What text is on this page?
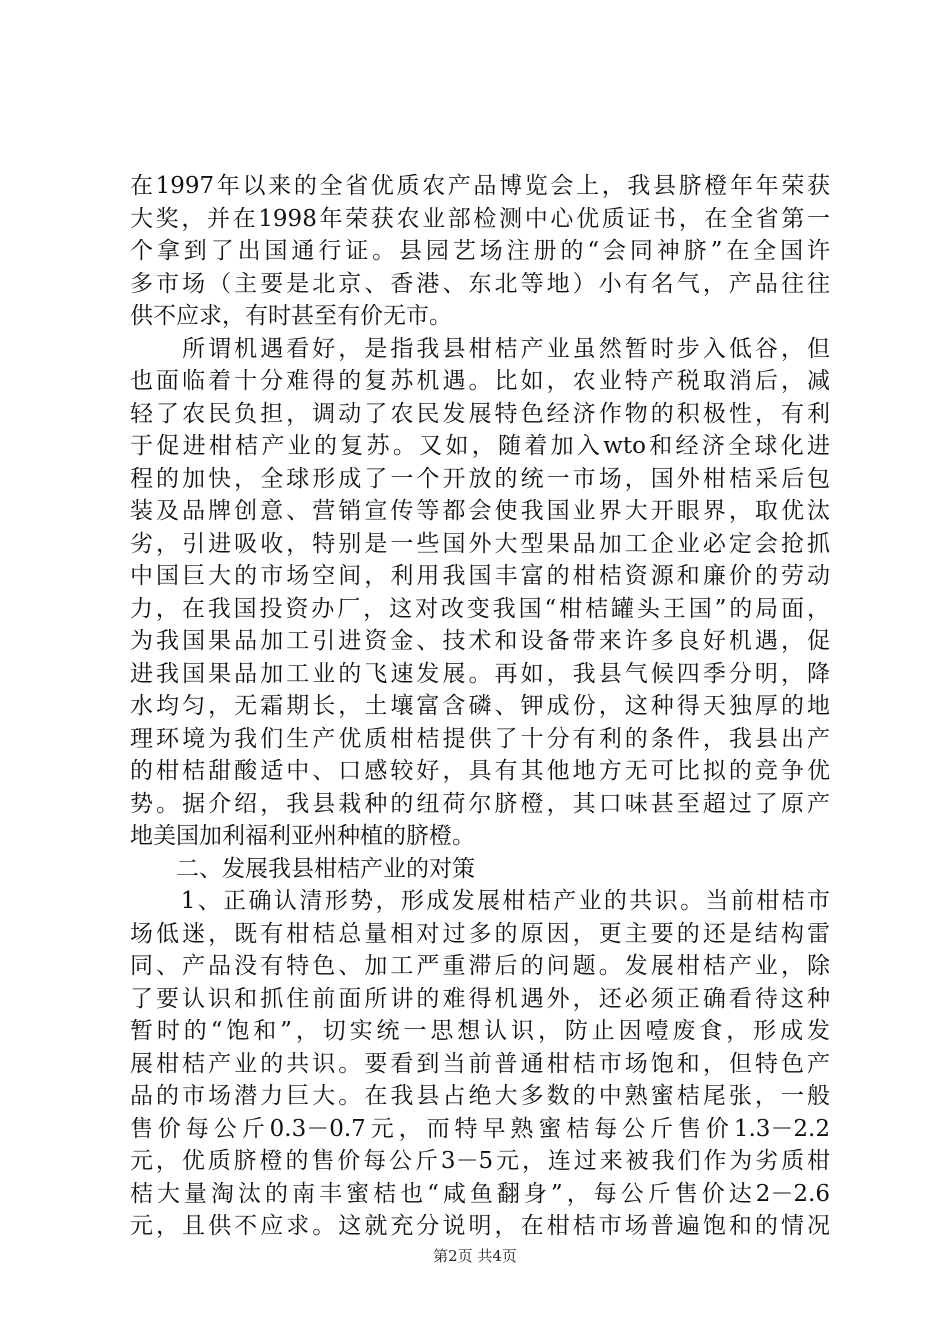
在1997年以来的全省优质农产品博览会上，我县脐橙年年荣获
大奖，并在1998年荣获农业部检测中心优质证书，在全省第一
个拿到了出国通行证。县园艺场注册的“会同神脐”在全国许
多市场（主要是北京、香港、东北等地）小有名气，产品往往
供不应求，有时甚至有价无市。
　　所谓机遇看好，是指我县柑桔产业虽然暂时步入低谷，但
也面临着十分难得的复苏机遇。比如，农业特产税取消后，减
轻了农民负担，调动了农民发展特色经济作物的积极性，有利
于促进柑桔产业的复苏。又如，随着加入wto和经济全球化进
程的加快，全球形成了一个开放的统一市场，国外柑桔采后包
装及品牌创意、营销宣传等都会使我国业界大开眼界，取优汰
劣，引进吸收，特别是一些国外大型果品加工企业必定会抢抓
中国巨大的市场空间，利用我国丰富的柑桔资源和廉价的劳动
力，在我国投资办厂，这对改变我国“柑桔罐头王国”的局面，
为我国果品加工引进资金、技术和设备带来许多良好机遇，促
进我国果品加工业的飞速发展。再如，我县气候四季分明，降
水均匀，无霜期长，土壤富含磷、钾成份，这种得天独厚的地
理环境为我们生产优质柑桔提供了十分有利的条件，我县出产
的柑桔甜酸适中、口感较好，具有其他地方无可比拟的竞争优
势。据介绍，我县栽种的纽荷尔脐橙，其口味甚至超过了原产
地美国加利福利亚州种植的脐橙。
　　二、发展我县柑桔产业的对策
　　1、正确认清形势，形成发展柑桔产业的共识。当前柑桔市
场低迷，既有柑桔总量相对过多的原因，更主要的还是结构雷
同、产品没有特色、加工严重滞后的问题。发展柑桔产业，除
了要认识和抓住前面所讲的难得机遇外，还必须正确看待这种
暂时的“饱和”，切实统一思想认识，防止因噎废食，形成发
展柑桔产业的共识。要看到当前普通柑桔市场饱和，但特色产
品的市场潜力巨大。在我县占绝大多数的中熟蜜桔尾张，一般
售价每公斤0.3－0.7元，而特早熟蜜桔每公斤售价1.3－2.2
元，优质脐橙的售价每公斤3－5元，连过来被我们作为劣质柑
桔大量淘汰的南丰蜜桔也“咸鱼翻身”，每公斤售价达2－2.6
元，且供不应求。这就充分说明，在柑桔市场普遍饱和的情况
第2页 共4页
